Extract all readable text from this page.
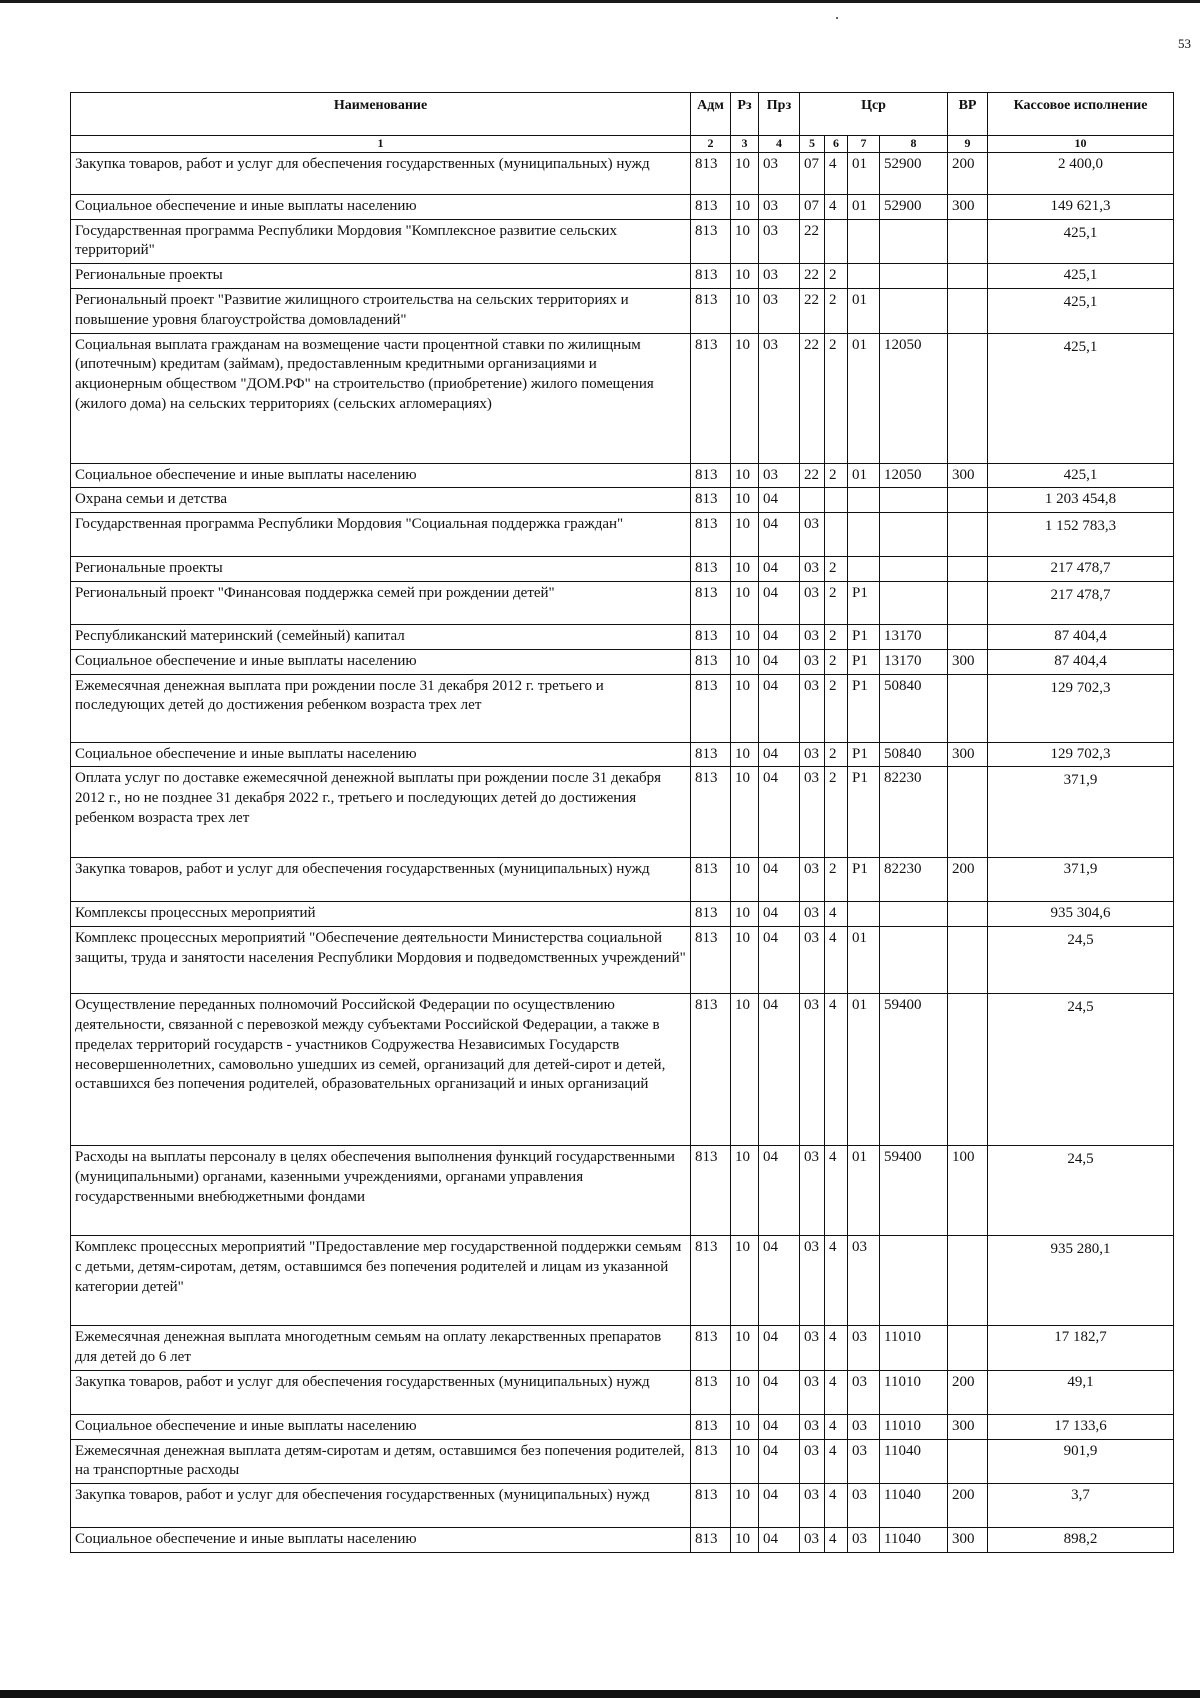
53
Наименование	Адм	Рз	Прз	Цср				ВР	Кассовое исполнение
1	2	3	4	5	6	7	8	9	10
Закупка товаров, работ и услуг для обеспечения государственных (муниципальных) нужд	813	10	03	07	4	01	52900	200	2 400,0
Социальное обеспечение и иные выплаты населению	813	10	03	07	4	01	52900	300	149 621,3
Государственная программа Республики Мордовия "Комплексное развитие сельских территорий"	813	10	03	22					425,1
Региональные проекты	813	10	03	22	2				425,1
Региональный проект "Развитие жилищного строительства на сельских территориях и повышение уровня благоустройства домовладений"	813	10	03	22	2	01			425,1
Социальная выплата гражданам на возмещение части процентной ставки по жилищным (ипотечным) кредитам (займам), предоставленным кредитными организациями и акционерным обществом "ДОМ.РФ" на строительство (приобретение) жилого помещения (жилого дома) на сельских территориях (сельских агломерациях)	813	10	03	22	2	01	12050		425,1
Социальное обеспечение и иные выплаты населению	813	10	03	22	2	01	12050	300	425,1
Охрана семьи и детства	813	10	04						1 203 454,8
Государственная программа Республики Мордовия "Социальная поддержка граждан"	813	10	04	03					1 152 783,3
Региональные проекты	813	10	04	03	2				217 478,7
Региональный проект "Финансовая поддержка семей при рождении детей"	813	10	04	03	2	P1			217 478,7
Республиканский материнский (семейный) капитал	813	10	04	03	2	P1	13170		87 404,4
Социальное обеспечение и иные выплаты населению	813	10	04	03	2	P1	13170	300	87 404,4
Ежемесячная денежная выплата при рождении после 31 декабря 2012 г. третьего и последующих детей до достижения ребенком возраста трех лет	813	10	04	03	2	P1	50840		129 702,3
Социальное обеспечение и иные выплаты населению	813	10	04	03	2	P1	50840	300	129 702,3
Оплата услуг по доставке ежемесячной денежной выплаты при рождении после 31 декабря 2012 г., но не позднее 31 декабря 2022 г., третьего и последующих детей до достижения ребенком возраста трех лет	813	10	04	03	2	P1	82230		371,9
Закупка товаров, работ и услуг для обеспечения государственных (муниципальных) нужд	813	10	04	03	2	P1	82230	200	371,9
Комплексы процессных мероприятий	813	10	04	03	4				935 304,6
Комплекс процессных мероприятий "Обеспечение деятельности Министерства социальной защиты, труда и занятости населения Республики Мордовия и подведомственных учреждений"	813	10	04	03	4	01			24,5
Осуществление переданных полномочий Российской Федерации по осуществлению деятельности, связанной с перевозкой между субъектами Российской Федерации, а также в пределах территорий государств - участников Содружества Независимых Государств несовершеннолетних, самовольно ушедших из семей, организаций для детей-сирот и детей, оставшихся без попечения родителей, образовательных организаций и иных организаций	813	10	04	03	4	01	59400		24,5
Расходы на выплаты персоналу в целях обеспечения выполнения функций государственными (муниципальными) органами, казенными учреждениями, органами управления государственными внебюджетными фондами	813	10	04	03	4	01	59400	100	24,5
Комплекс процессных мероприятий "Предоставление мер государственной поддержки семьям с детьми, детям-сиротам, детям, оставшимся без попечения родителей и лицам из указанной категории детей"	813	10	04	03	4	03			935 280,1
Ежемесячная денежная выплата многодетным семьям на оплату лекарственных препаратов для детей до 6 лет	813	10	04	03	4	03	11010		17 182,7
Закупка товаров, работ и услуг для обеспечения государственных (муниципальных) нужд	813	10	04	03	4	03	11010	200	49,1
Социальное обеспечение и иные выплаты населению	813	10	04	03	4	03	11010	300	17 133,6
Ежемесячная денежная выплата детям-сиротам и детям, оставшимся без попечения родителей, на транспортные расходы	813	10	04	03	4	03	11040		901,9
Закупка товаров, работ и услуг для обеспечения государственных (муниципальных) нужд	813	10	04	03	4	03	11040	200	3,7
Социальное обеспечение и иные выплаты населению	813	10	04	03	4	03	11040	300	898,2
